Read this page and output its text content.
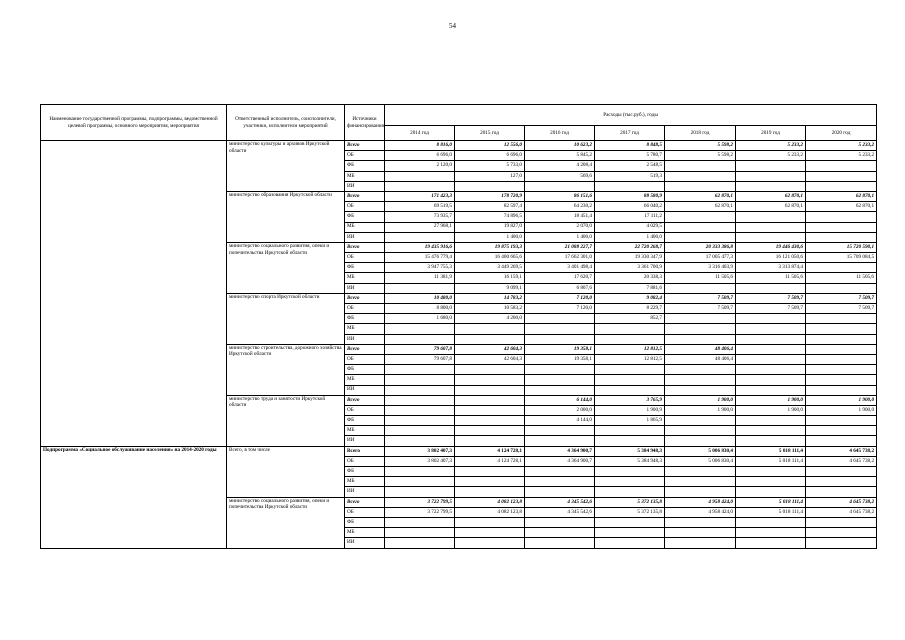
54
Наименование государственной программы, подпрограммы, ведомственной целевой программы, основного мероприятия, мероприятия	Ответственный исполнитель, соисполнители, участники, исполнители мероприятий	Источники финансирования	Расходы (тыс.руб.), годы						
			2014 год	2015 год	2016 год	2017 год	2018 год	2019 год	2020 год
	министерство культуры и архивов Иркутской области	Всего	8 816,0	12 556,0	10 623,2	8 848,5	5 598,2	5 233,2	5 233,2
		ОБ	6 696,0	6 696,0	5 845,2	5 780,7	5 598,2	5 233,2	5 233,2
		ФБ	2 120,0	5 733,0	4 208,4	2 548,5			
		МБ		127,0	569,6	519,3			
		ИИ							
	министерство образования Иркутской области	Всего	171 423,3	178 720,9	86 151,6	88 580,9	62 870,1	62 870,1	62 870,1
		ОБ	69 519,5	82 597,4	64 230,2	66 040,2	62 870,1	62 870,1	62 870,1
		ФБ	73 935,7	74 896,5	18 451,4	17 111,2			
		МБ	27 968,1	19 827,0	2 070,0	4 029,5			
		ИИ		1 400,0	1 400,0	1 400,0			
	министерство социального развития, опеки и попечительства Иркутской области	Всего	19 435 916,6	19 875 193,3	21 088 227,7	22 720 268,7	20 333 386,8	19 446 430,6	15 720 590,1
		ОБ	15 476 779,4	16 400 665,6	17 662 301,0	19 330 347,9	17 005 477,3	16 121 050,6	15 709 084,5
		ФБ	3 947 755,3	3 449 269,5	3 401 498,4	3 361 700,9	3 316 403,9	3 313 874,4	
		МБ	11 381,9	16 159,1	17 620,7	20 338,3	11 505,6	11 505,6	11 505,6
		ИИ		9 099,1	6 807,6	7 881,6			
	министерство спорта Иркутской области	Всего	10 480,0	14 783,2	7 120,0	9 082,4	7 509,7	7 509,7	7 509,7
		ОБ	8 800,0	10 583,2	7 120,0	8 229,7	7 509,7	7 509,7	7 509,7
		ФБ	1 680,0	4 200,0		852,7			
		МБ							
		ИИ							
	министерство строительства, дорожного хозяйства Иркутской области	Всего	79 607,8	42 604,3	19 358,1	12 812,5	48 406,4		
		ОБ	79 607,8	42 604,3	19 358,1	12 812,5	48 406,4		
		ФБ							
		МБ							
		ИИ							
	министерство труда и занятости Иркутской области	Всего			6 144,0	3 765,9	1 900,0	1 900,0	1 900,0
		ОБ			2 000,0	1 900,9	1 900,0	1 900,0	1 900,0
		ФБ			4 144,0	1 865,9			
		МБ							
		ИИ							
Подпрограмма «Социальное обслуживание населения» на 2014-2020 годы	Всего, в том числе	Всего	3 802 407,3	4 124 728,1	4 364 900,7	5 384 948,3	5 006 830,4	5 018 111,4	4 645 738,2
		ОБ	3 802 407,3	4 124 728,1	4 364 900,7	5 384 948,3	5 006 830,4	5 018 111,4	4 645 738,2
		ФБ							
		МБ							
		ИИ							
	министерство социального развития, опеки и попечительства Иркутской области	Всего	3 722 799,5	4 082 123,8	4 345 542,6	5 372 135,8	4 958 424,0	5 018 111,4	4 645 738,2
		ОБ	3 722 799,5	4 082 123,8	4 345 542,6	5 372 135,8	4 958 424,0	5 018 111,4	4 645 738,2
		ФБ							
		МБ							
		ИИ							
